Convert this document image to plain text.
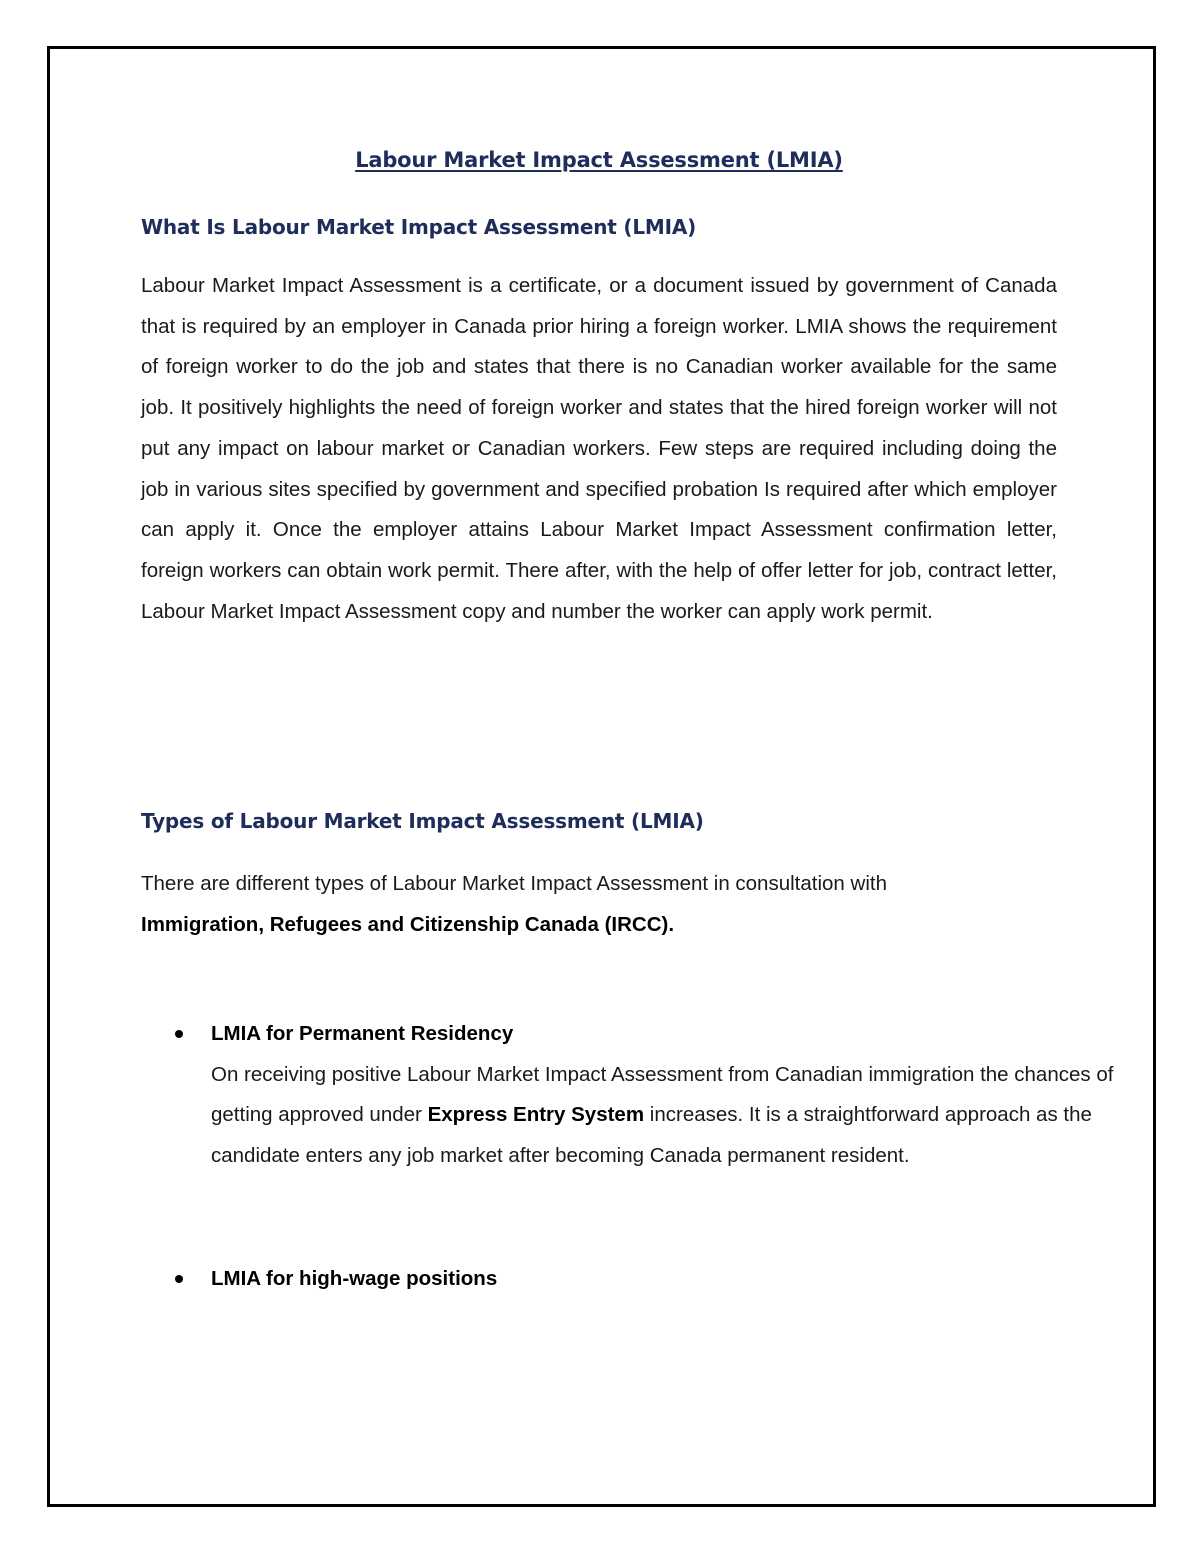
Labour Market Impact Assessment (LMIA)
What Is Labour Market Impact Assessment (LMIA)

Labour Market Impact Assessment is a certificate, or a document issued by government of Canada that is required by an employer in Canada prior hiring a foreign worker. LMIA shows the requirement of foreign worker to do the job and states that there is no Canadian worker available for the same job. It positively highlights the need of foreign worker and states that the hired foreign worker will not put any impact on labour market or Canadian workers. Few steps are required including doing the job in various sites specified by government and specified probation Is required after which employer can apply it. Once the employer attains Labour Market Impact Assessment confirmation letter, foreign workers can obtain work permit. There after, with the help of offer letter for job, contract letter, Labour Market Impact Assessment copy and number the worker can apply work permit.

Types of Labour Market Impact Assessment (LMIA)

There are different types of Labour Market Impact Assessment in consultation with
Immigration, Refugees and Citizenship Canada (IRCC).

LMIA for Permanent Residency
On receiving positive Labour Market Impact Assessment from Canadian immigration the chances of getting approved under Express Entry System increases. It is a straightforward approach as the candidate enters any job market after becoming Canada permanent resident.
LMIA for high-wage positions
